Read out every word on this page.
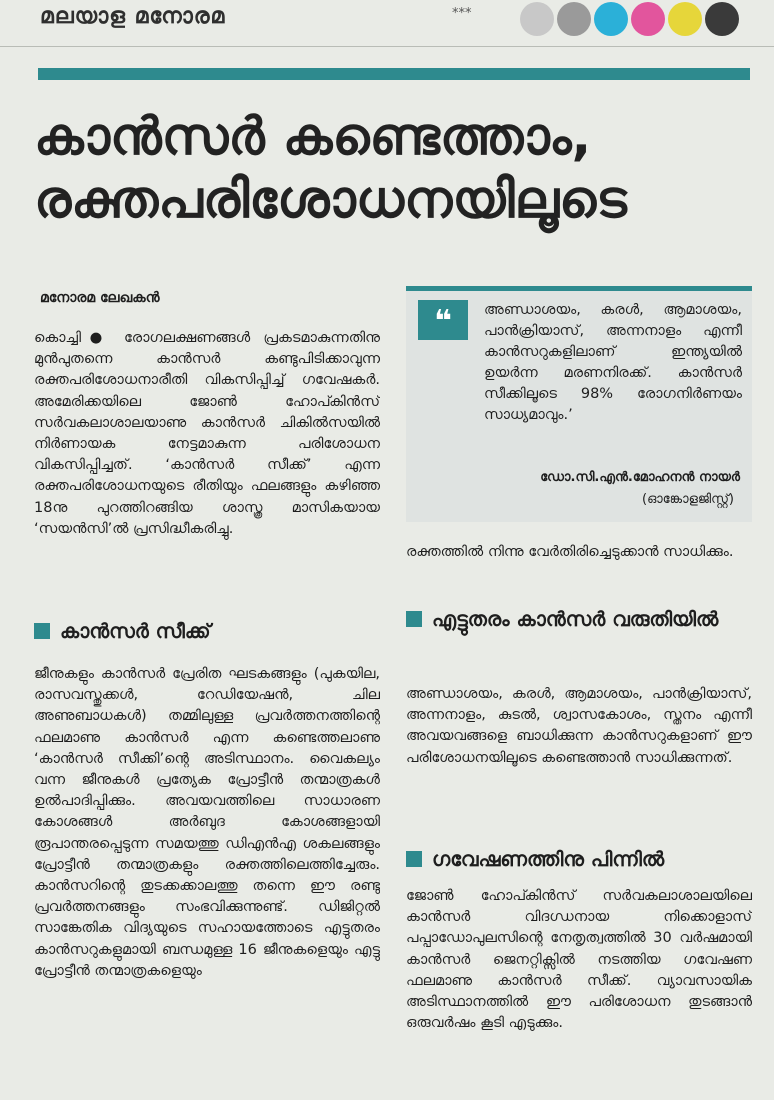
മലയാള മനോരമ	***
കാൻസർ കണ്ടെത്താം,
രക്തപരിശോധനയിലൂടെ
മനോരമ ലേഖകൻ
കൊച്ചി● രോഗലക്ഷണങ്ങൾ പ്രകടമാകുന്നതിനു മുൻപുതന്നെ കാൻസർ കണ്ടുപിടിക്കാവുന്ന രക്തപരിശോധനാരീതി വികസിപ്പിച്ച് ഗവേഷകർ. അമേരിക്കയിലെ ജോൺ ഹോപ്കിൻസ് സർവകലാശാലയാണു കാൻസർ ചികിൽസയിൽ നിർണായക നേട്ടമാകുന്ന പരിശോധന വികസിപ്പിച്ചത്. ‘കാൻസർ സീക്ക്’ എന്ന രക്തപരിശോധനയുടെ രീതിയും ഫലങ്ങളും കഴിഞ്ഞ 18നു പുറത്തിറങ്ങിയ ശാസ്ത്ര മാസികയായ ‘സയൻസി’ൽ പ്രസിദ്ധീകരിച്ചു.
കാൻസർ സീക്ക്
ജീനുകളും കാൻസർ പ്രേരിത ഘടകങ്ങളും (പുകയില, രാസവസ്തുക്കൾ, റേഡിയേഷൻ, ചില അണുബാധകൾ) തമ്മിലുള്ള പ്രവർത്തനത്തിന്റെ ഫലമാണു കാൻസർ എന്ന കണ്ടെത്തലാണു ‘കാൻസർ സീക്കി’ന്റെ അടിസ്ഥാനം. വൈകല്യം വന്ന ജീനുകൾ പ്രത്യേക പ്രോട്ടീൻ തന്മാത്രകൾ ഉൽപാദിപ്പിക്കും. അവയവത്തിലെ സാധാരണ കോശങ്ങൾ അർബുദ കോശങ്ങളായി രൂപാന്തരപ്പെടുന്ന സമയത്തു ഡിഎൻഎ ശകലങ്ങളും പ്രോട്ടീൻ തന്മാത്രകളും രക്തത്തിലെത്തിച്ചേരും. കാൻസറിന്റെ തുടക്കക്കാലത്തു തന്നെ ഈ രണ്ടു പ്രവർത്തനങ്ങളും സംഭവിക്കുന്നുണ്ട്. ഡിജിറ്റൽ സാങ്കേതിക വിദ്യയുടെ സഹായത്തോടെ എട്ടുതരം കാൻസറുകളുമായി ബന്ധമുള്ള 16 ജീനുകളെയും എട്ടു പ്രോട്ടീൻ തന്മാത്രകളെയും
❝	അണ്ഡാശയം, കരൾ, ആമാശയം, പാൻക്രിയാസ്, അന്നനാളം എന്നീ കാൻസറുകളിലാണ് ഇന്ത്യയിൽ ഉയർന്ന മരണനിരക്ക്. കാൻസർ സീക്കിലൂടെ 98% രോഗനിർണയം സാധ്യമാവും.’
ഡോ.സി.എൻ.മോഹനൻ നായർ
(ഓങ്കോളജിസ്റ്റ്)
രക്തത്തിൽ നിന്നു വേർതിരിച്ചെടുക്കാൻ സാധിക്കും.
എട്ടുതരം കാൻസർ വരുതിയിൽ
അണ്ഡാശയം, കരൾ, ആമാശയം, പാൻക്രിയാസ്, അന്നനാളം, കുടൽ, ശ്വാസകോശം, സ്തനം എന്നീ അവയവങ്ങളെ ബാധിക്കുന്ന കാൻസറുകളാണ് ഈ പരിശോധനയിലൂടെ കണ്ടെത്താൻ സാധിക്കുന്നത്.
ഗവേഷണത്തിനു പിന്നിൽ
ജോൺ ഹോപ്കിൻസ് സർവകലാശാലയിലെ കാൻസർ വിദഗ്ധനായ നിക്കൊളാസ് പപ്പാഡോപുലസിന്റെ നേതൃത്വത്തിൽ 30 വർഷമായി കാൻസർ ജെനറ്റിക്സിൽ നടത്തിയ ഗവേഷണ ഫലമാണു കാൻസർ സീക്ക്. വ്യാവസായിക അടിസ്ഥാനത്തിൽ ഈ പരിശോധന തുടങ്ങാൻ ഒരുവർഷം കൂടി എടുക്കും.
